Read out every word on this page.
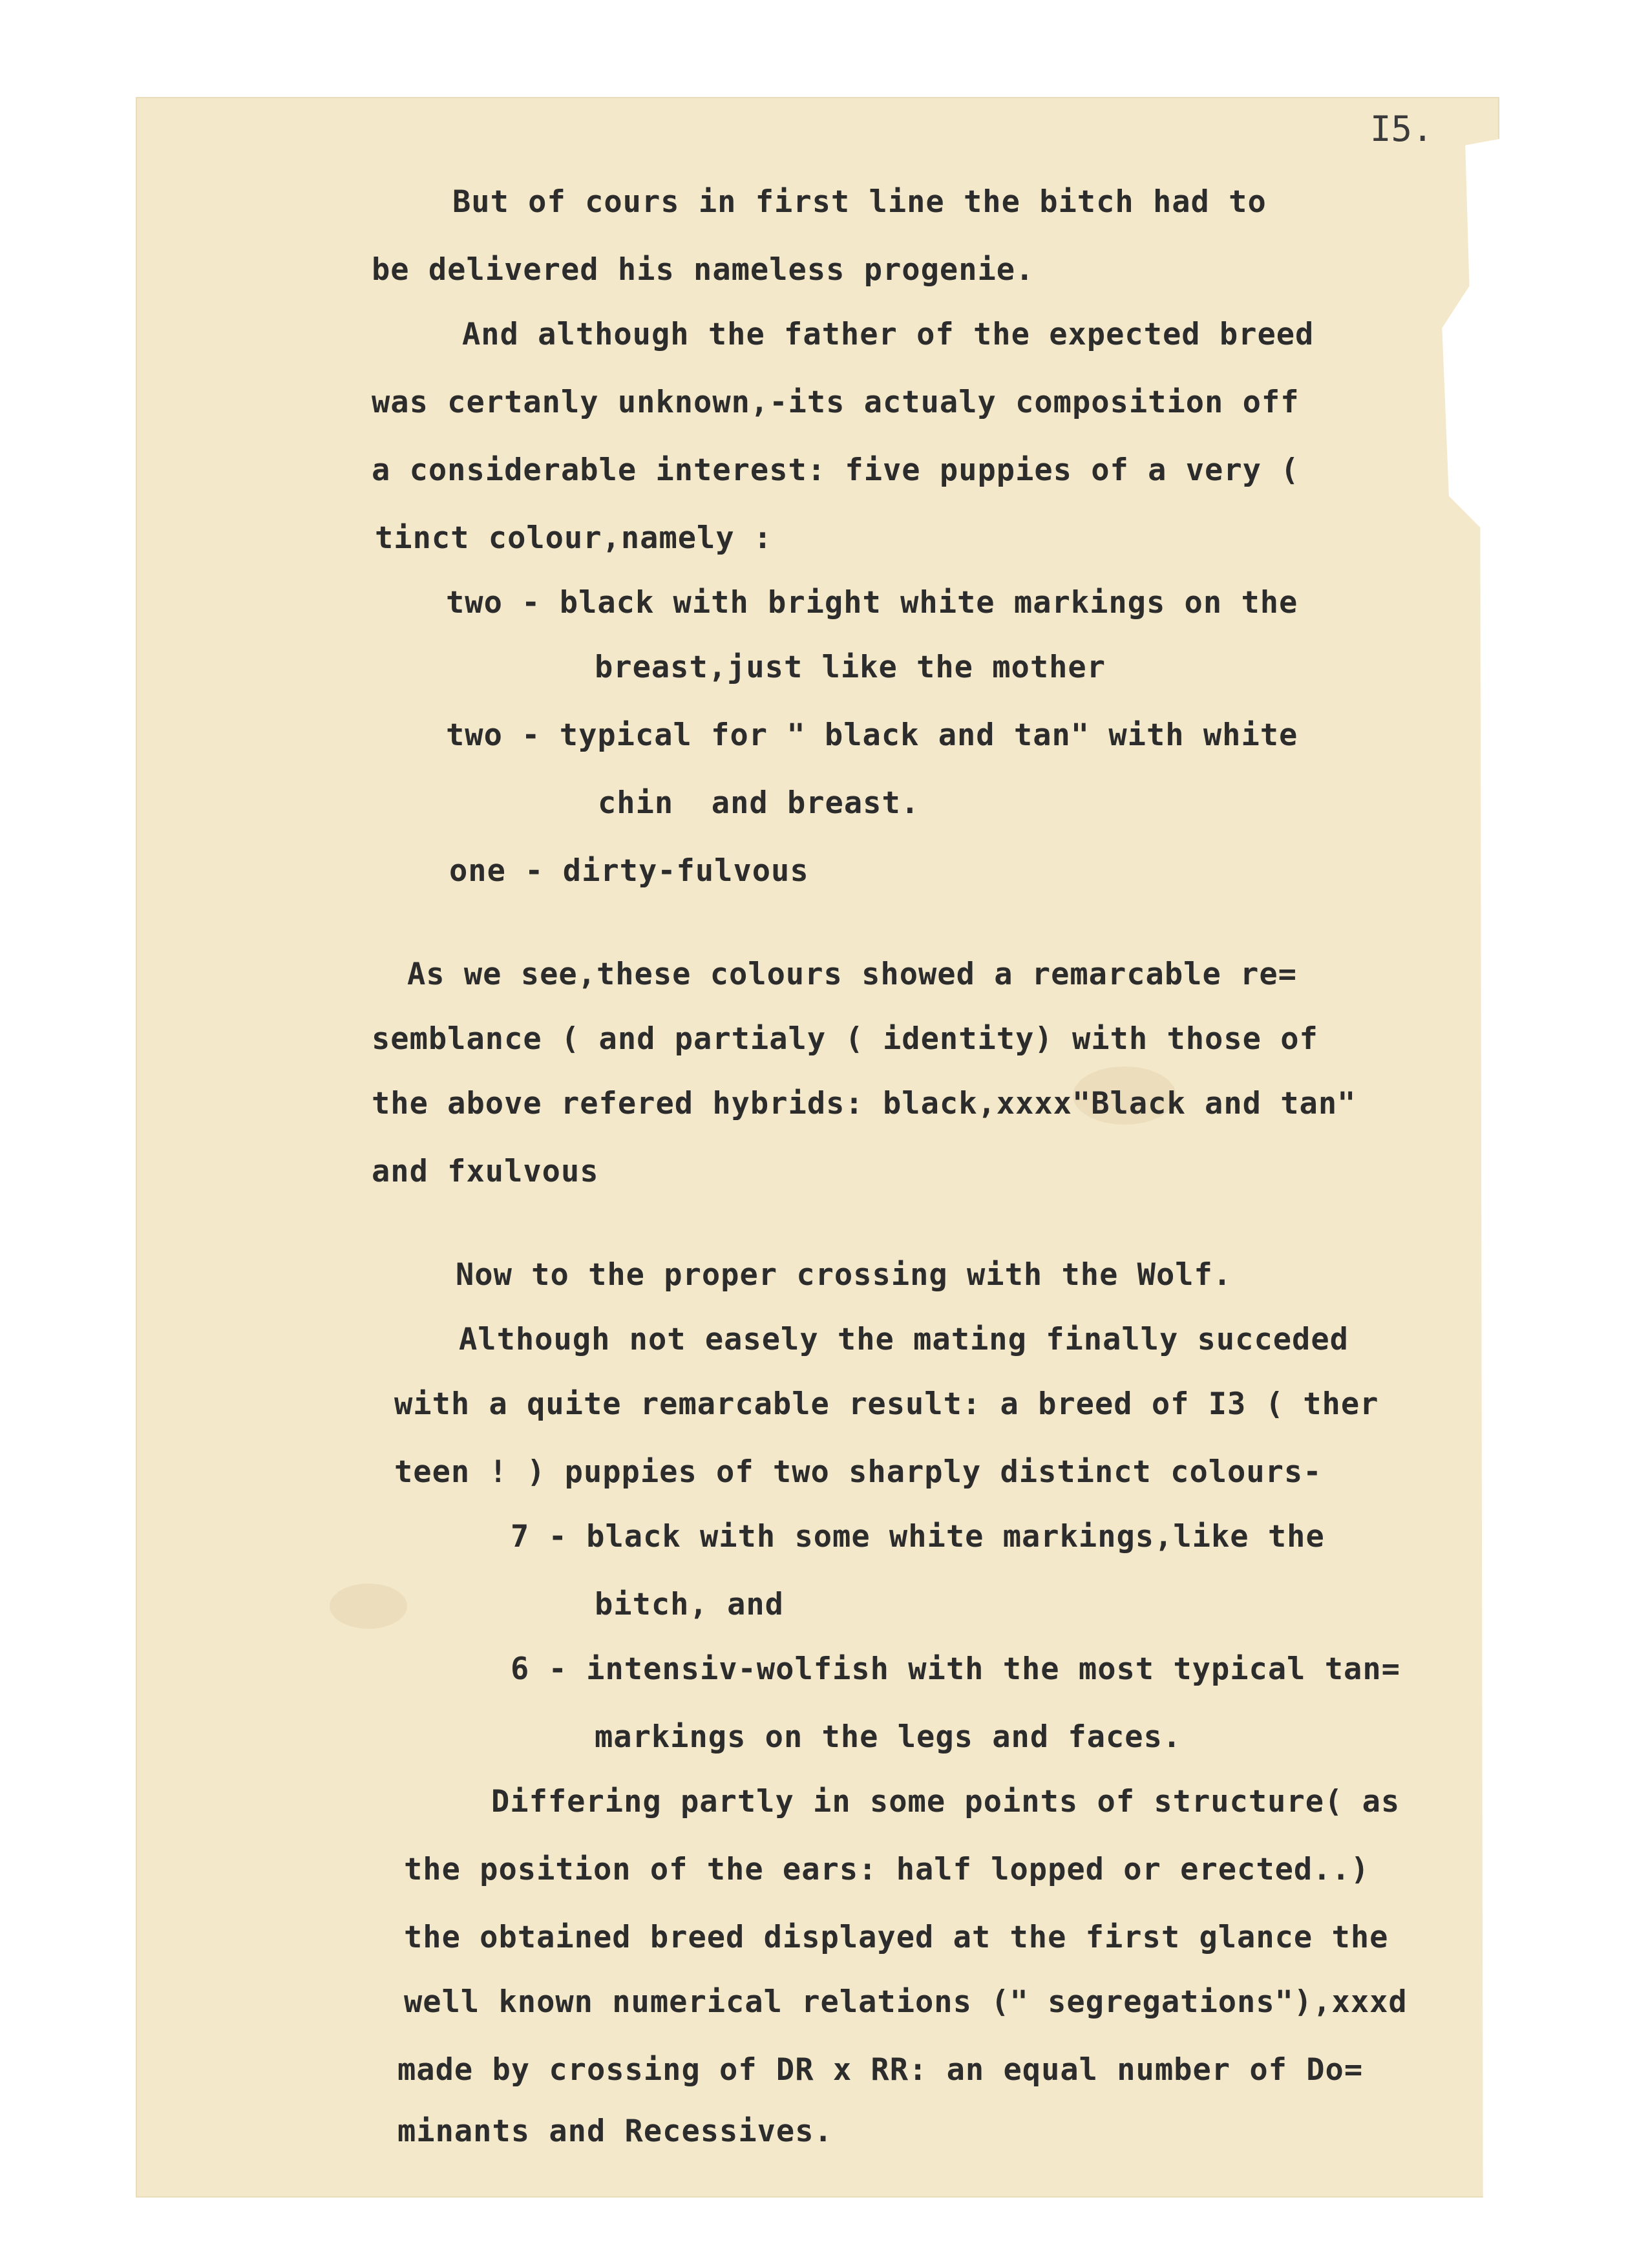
I5.
But of cours in first line the bitch had to
be delivered his nameless progenie.
And although the father of the expected breed
was certanly unknown,-its actualy composition off
a considerable interest: five puppies of a very (
tinct colour,namely :
two - black with bright white markings on the
breast,just like the mother
two - typical for " black and tan" with white
chin  and breast.
one - dirty-fulvous
As we see,these colours showed a remarcable re=
semblance ( and partialy ( identity) with those of
the above refered hybrids: black,xxxx"Black and tan"
and fxulvous
Now to the proper crossing with the Wolf.
Although not easely the mating finally succeded
with a quite remarcable result: a breed of I3 ( ther
teen ! ) puppies of two sharply distinct colours-
7 - black with some white markings,like the
bitch, and
6 - intensiv-wolfish with the most typical tan=
markings on the legs and faces.
Differing partly in some points of structure( as
the position of the ears: half lopped or erected..)
the obtained breed displayed at the first glance the
well known numerical relations (" segregations"),xxxd
made by crossing of DR x RR: an equal number of Do=
minants and Recessives.
